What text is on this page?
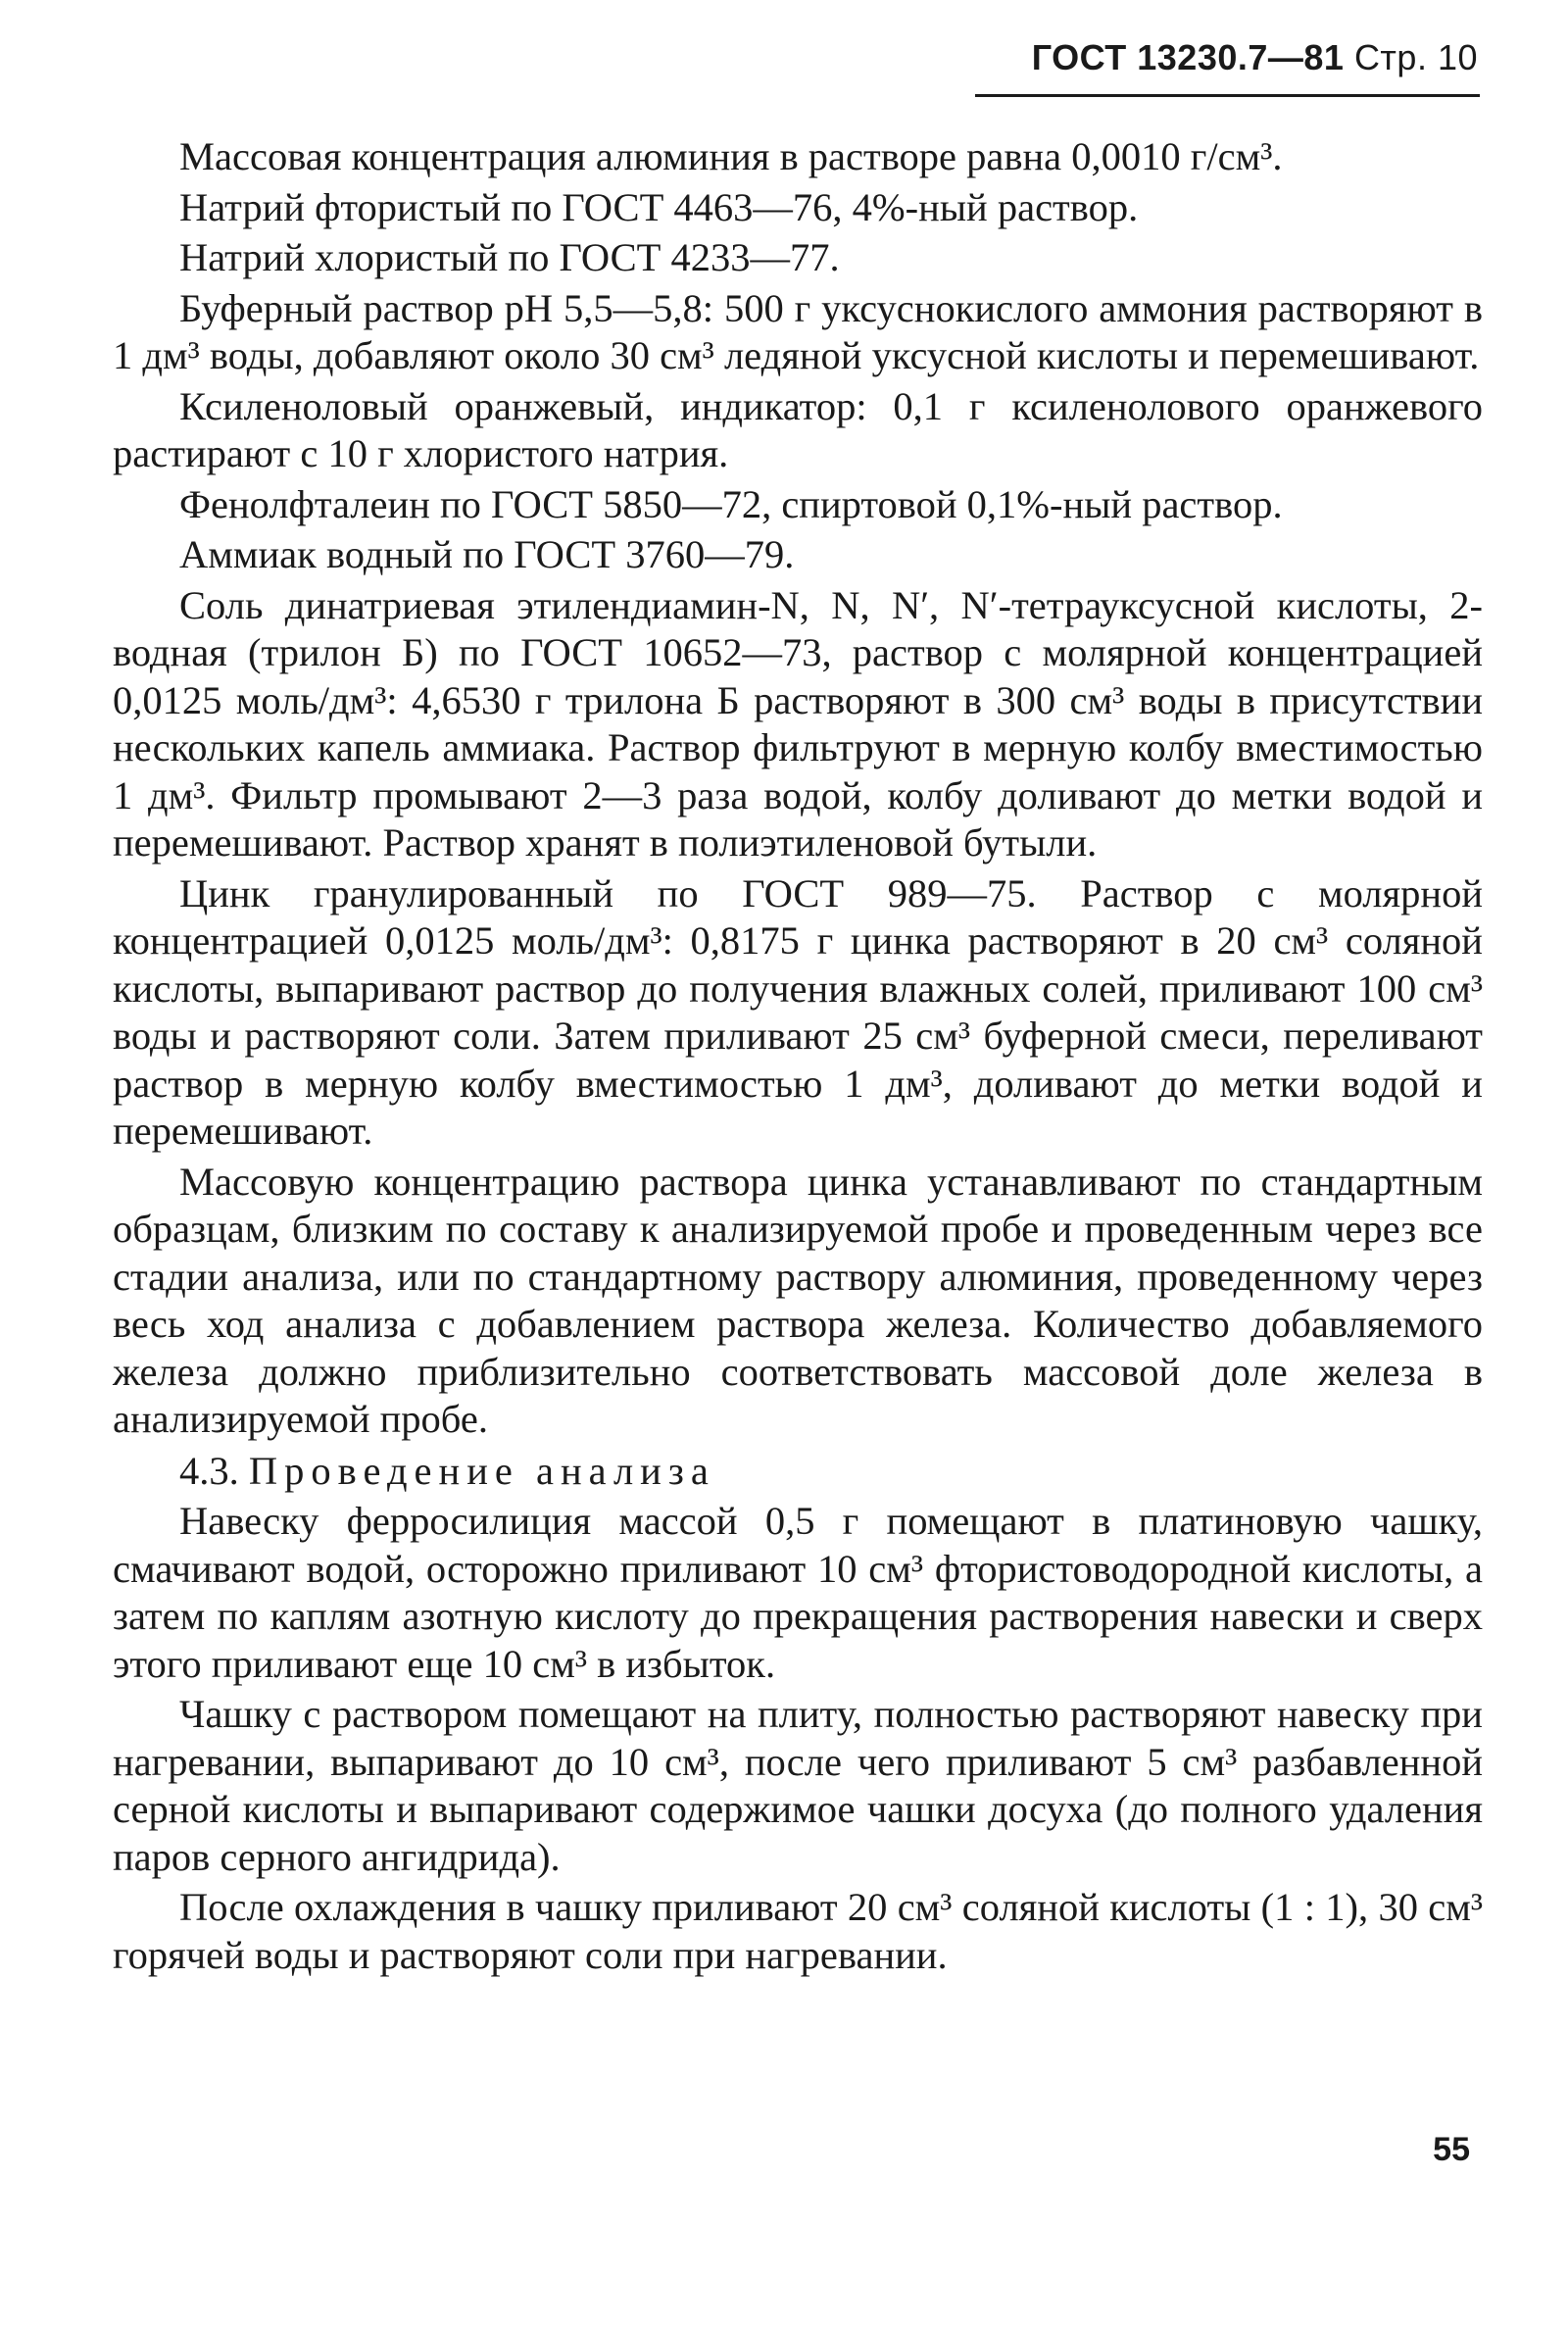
ГОСТ 13230.7—81 Стр. 10

Массовая концентрация алюминия в растворе равна 0,0010 г/см³.

Натрий фтористый по ГОСТ 4463—76, 4%-ный раствор.

Натрий хлористый по ГОСТ 4233—77.

Буферный раствор рН 5,5—5,8: 500 г уксуснокислого аммония растворяют в 1 дм³ воды, добавляют около 30 см³ ледяной уксусной кислоты и перемешивают.

Ксиленоловый оранжевый, индикатор: 0,1 г ксиленолового оранжевого растирают с 10 г хлористого натрия.

Фенолфталеин по ГОСТ 5850—72, спиртовой 0,1%-ный раствор.

Аммиак водный по ГОСТ 3760—79.

Соль динатриевая этилендиамин-N, N, N′, N′-тетрауксусной кислоты, 2-водная (трилон Б) по ГОСТ 10652—73, раствор с молярной концентрацией 0,0125 моль/дм³: 4,6530 г трилона Б растворяют в 300 см³ воды в присутствии нескольких капель аммиака. Раствор фильтруют в мерную колбу вместимостью 1 дм³. Фильтр промывают 2—3 раза водой, колбу доливают до метки водой и перемешивают. Раствор хранят в полиэтиленовой бутыли.

Цинк гранулированный по ГОСТ 989—75. Раствор с молярной концентрацией 0,0125 моль/дм³: 0,8175 г цинка растворяют в 20 см³ соляной кислоты, выпаривают раствор до получения влажных солей, приливают 100 см³ воды и растворяют соли. Затем приливают 25 см³ буферной смеси, переливают раствор в мерную колбу вместимостью 1 дм³, доливают до метки водой и перемешивают.

Массовую концентрацию раствора цинка устанавливают по стандартным образцам, близким по составу к анализируемой пробе и проведенным через все стадии анализа, или по стандартному раствору алюминия, проведенному через весь ход анализа с добавлением раствора железа. Количество добавляемого железа должно приблизительно соответствовать массовой доле железа в анализируемой пробе.

4.3. Проведение анализа

Навеску ферросилиция массой 0,5 г помещают в платиновую чашку, смачивают водой, осторожно приливают 10 см³ фтористоводородной кислоты, а затем по каплям азотную кислоту до прекращения растворения навески и сверх этого приливают еще 10 см³ в избыток.

Чашку с раствором помещают на плиту, полностью растворяют навеску при нагревании, выпаривают до 10 см³, после чего приливают 5 см³ разбавленной серной кислоты и выпаривают содержимое чашки досуха (до полного удаления паров серного ангидрида).

После охлаждения в чашку приливают 20 см³ соляной кислоты (1 : 1), 30 см³ горячей воды и растворяют соли при нагревании.

55
